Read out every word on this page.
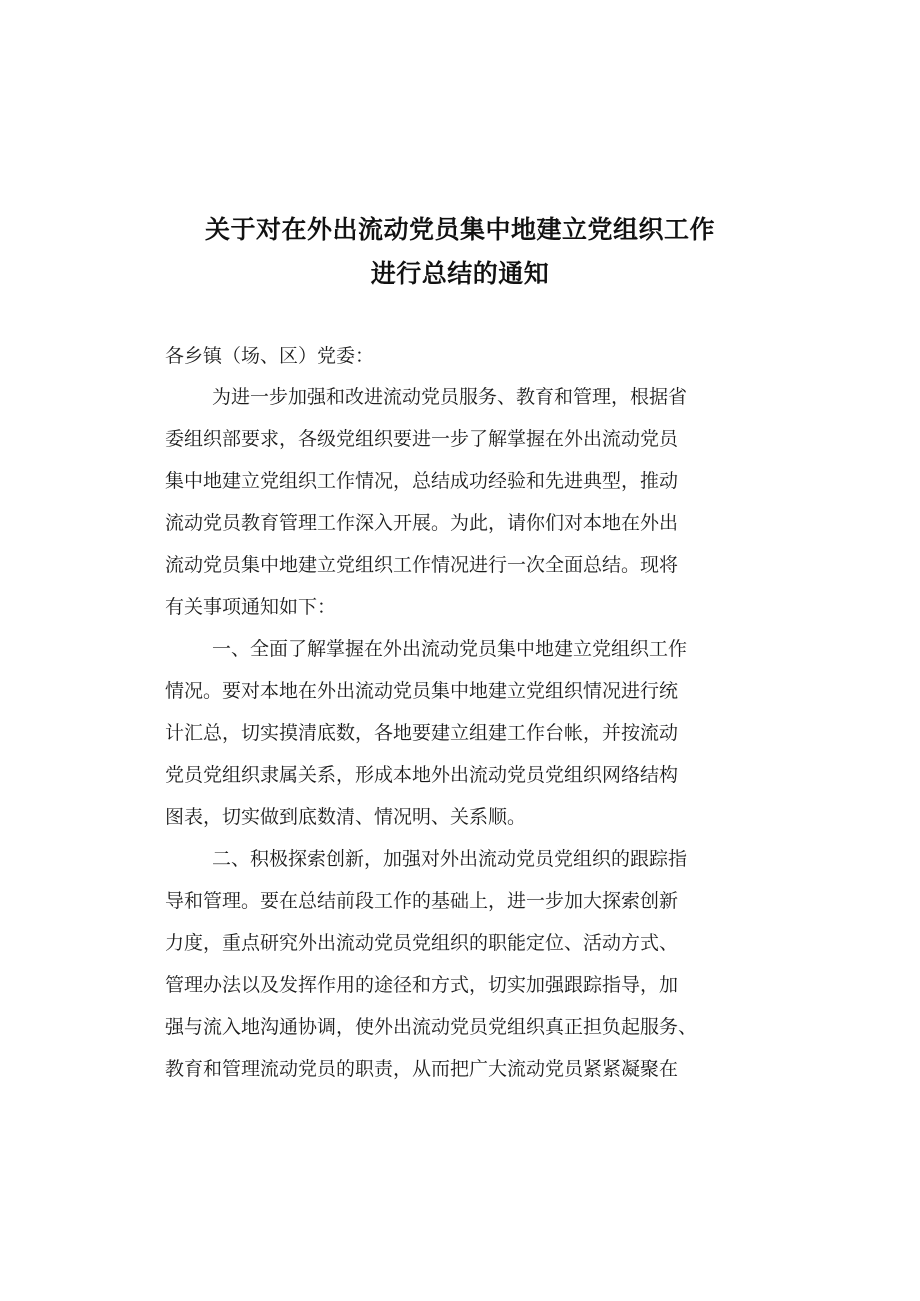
关于对在外出流动党员集中地建立党组织工作
进行总结的通知
各乡镇（场、区）党委：
为进一步加强和改进流动党员服务、教育和管理，根据省
委组织部要求，各级党组织要进一步了解掌握在外出流动党员
集中地建立党组织工作情况，总结成功经验和先进典型，推动
流动党员教育管理工作深入开展。为此，请你们对本地在外出
流动党员集中地建立党组织工作情况进行一次全面总结。现将
有关事项通知如下：
一、全面了解掌握在外出流动党员集中地建立党组织工作
情况。要对本地在外出流动党员集中地建立党组织情况进行统
计汇总，切实摸清底数，各地要建立组建工作台帐，并按流动
党员党组织隶属关系，形成本地外出流动党员党组织网络结构
图表，切实做到底数清、情况明、关系顺。
二、积极探索创新，加强对外出流动党员党组织的跟踪指
导和管理。要在总结前段工作的基础上，进一步加大探索创新
力度，重点研究外出流动党员党组织的职能定位、活动方式、
管理办法以及发挥作用的途径和方式，切实加强跟踪指导，加
强与流入地沟通协调，使外出流动党员党组织真正担负起服务、
教育和管理流动党员的职责，从而把广大流动党员紧紧凝聚在
